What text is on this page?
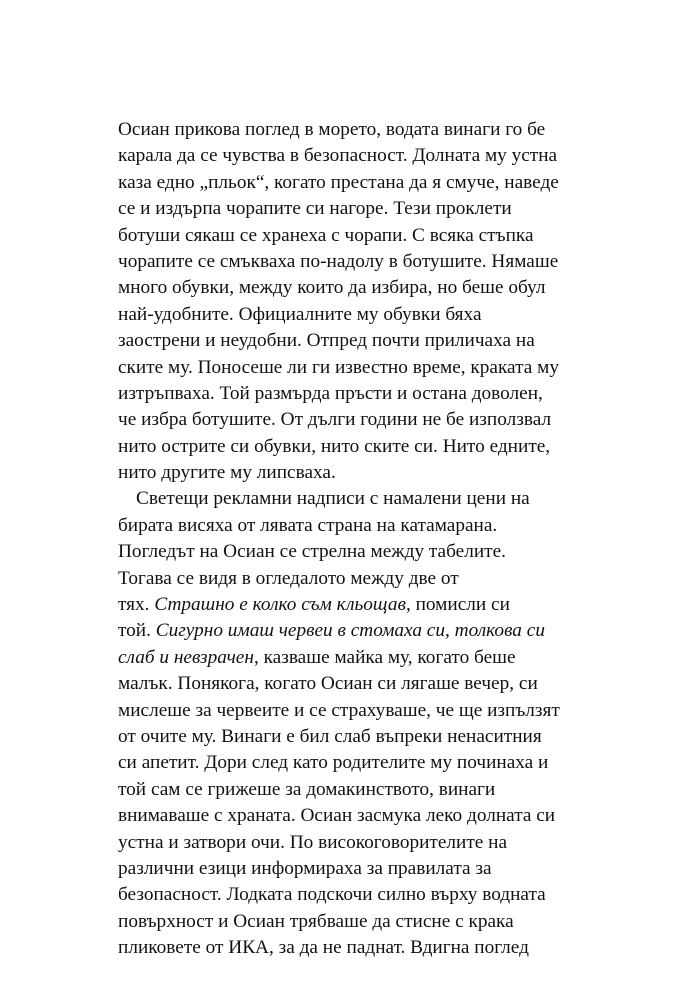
Осиан прикова поглед в морето, водата винаги го бе
карала да се чувства в безопасност. Долната му устна
каза едно „пльок“, когато престана да я смуче, наведе
се и издърпа чорапите си нагоре. Тези проклети
ботуши сякаш се хранеха с чорапи. С всяка стъпка
чорапите се смъкваха по-надолу в ботушите. Нямаше
много обувки, между които да избира, но беше обул
най-удобните. Официалните му обувки бяха
заострени и неудобни. Отпред почти приличаха на
ските му. Поносеше ли ги известно време, краката му
изтръпваха. Той размърда пръсти и остана доволен,
че избра ботушите. От дълги години не бе използвал
нито острите си обувки, нито ските си. Нито едните,
нито другите му липсваха.
Светещи рекламни надписи с намалени цени на
бирата висяха от лявата страна на катамарана.
Погледът на Осиан се стрелна между табелите.
Тогава се видя в огледалото между две от
тях. Страшно е колко съм кльощав, помисли си
той. Сигурно имаш червеи в стомаха си, толкова си
слаб и невзрачен, казваше майка му, когато беше
малък. Понякога, когато Осиан си лягаше вечер, си
мислеше за червеите и се страхуваше, че ще изпълзят
от очите му. Винаги е бил слаб въпреки ненаситния
си апетит. Дори след като родителите му починаха и
той сам се грижеше за домакинството, винаги
внимаваше с храната. Осиан засмука леко долната си
устна и затвори очи. По високоговорителите на
различни езици информираха за правилата за
безопасност. Лодката подскочи силно върху водната
повърхност и Осиан трябваше да стисне с крака
пликовете от ИКА, за да не паднат. Вдигна поглед
